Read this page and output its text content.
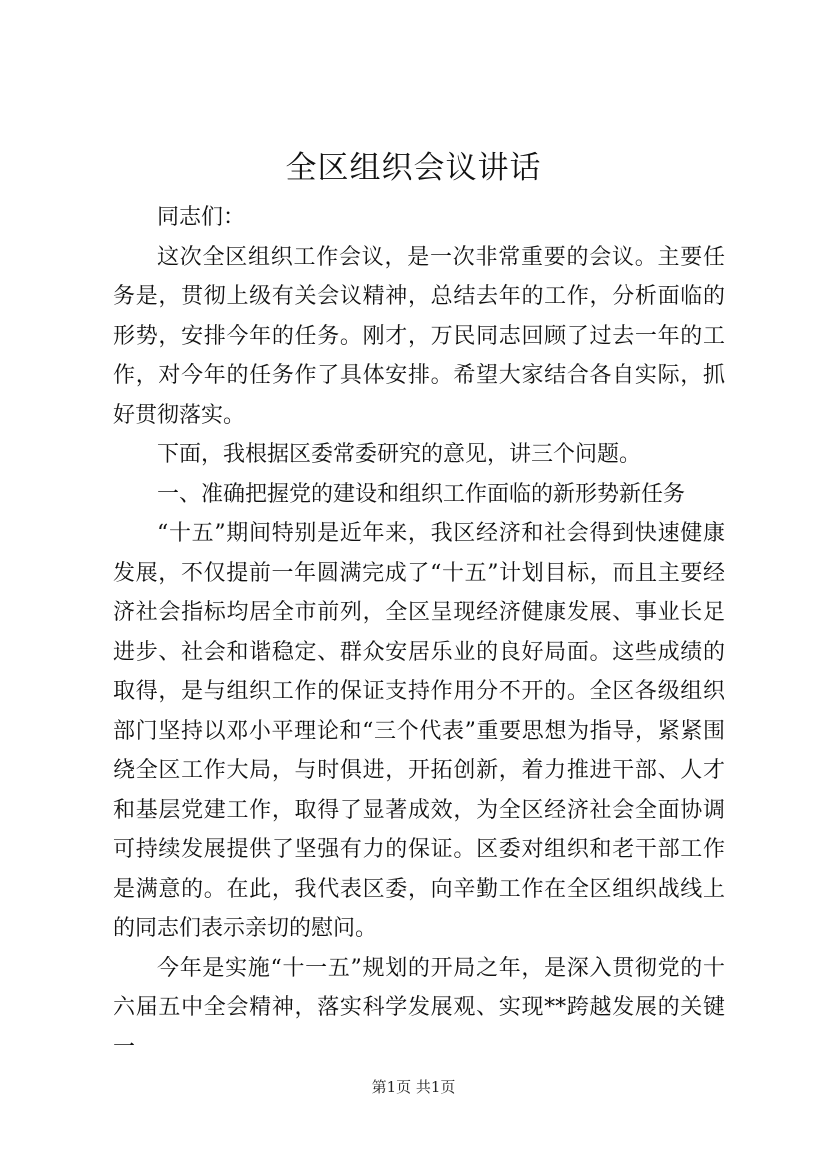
全区组织会议讲话

同志们：

这次全区组织工作会议，是一次非常重要的会议。主要任务是，贯彻上级有关会议精神，总结去年的工作，分析面临的形势，安排今年的任务。刚才，万民同志回顾了过去一年的工作，对今年的任务作了具体安排。希望大家结合各自实际，抓好贯彻落实。

下面，我根据区委常委研究的意见，讲三个问题。

一、准确把握党的建设和组织工作面临的新形势新任务

“十五”期间特别是近年来，我区经济和社会得到快速健康发展，不仅提前一年圆满完成了“十五”计划目标，而且主要经济社会指标均居全市前列，全区呈现经济健康发展、事业长足进步、社会和谐稳定、群众安居乐业的良好局面。这些成绩的取得，是与组织工作的保证支持作用分不开的。全区各级组织部门坚持以邓小平理论和“三个代表”重要思想为指导，紧紧围绕全区工作大局，与时俱进，开拓创新，着力推进干部、人才和基层党建工作，取得了显著成效，为全区经济社会全面协调可持续发展提供了坚强有力的保证。区委对组织和老干部工作是满意的。在此，我代表区委，向辛勤工作在全区组织战线上的同志们表示亲切的慰问。

今年是实施“十一五”规划的开局之年，是深入贯彻党的十六届五中全会精神，落实科学发展观、实现**跨越发展的关键一

第1页 共1页
